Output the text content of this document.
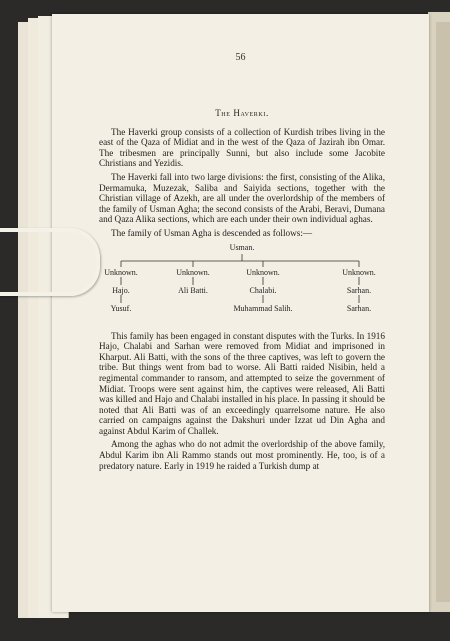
56
The Haverki.

The Haverki group consists of a collection of Kurdish tribes living in the east of the Qaza of Midiat and in the west of the Qaza of Jazirah ibn Omar. The tribesmen are principally Sunni, but also include some Jacobite Christians and Yezidis.

The Haverki fall into two large divisions: the first, consisting of the Alika, Dermamuka, Muzezak, Saliba and Saiyida sections, together with the Christian village of Azekh, are all under the overlordship of the members of the family of Usman Agha; the second consists of the Arabi, Beravi, Dumana and Qaza Alika sections, which are each under their own individual aghas.

The family of Usman Agha is descended as follows:—

Usman.
Unknown.	Unknown.	Unknown.	Unknown.
Hajo.	Ali Batti.	Chalabi.	Sarhan.
Yusuf.	Muhammad Salih.	Sarhan.

This family has been engaged in constant disputes with the Turks. In 1916 Hajo, Chalabi and Sarhan were removed from Midiat and imprisoned in Kharput. Ali Batti, with the sons of the three captives, was left to govern the tribe. But things went from bad to worse. Ali Batti raided Nisibin, held a regimental commander to ransom, and attempted to seize the government of Midiat. Troops were sent against him, the captives were released, Ali Batti was killed and Hajo and Chalabi installed in his place. In passing it should be noted that Ali Batti was of an exceedingly quarrelsome nature. He also carried on campaigns against the Dakshuri under Izzat ud Din Agha and against Abdul Karim of Challek.

Among the aghas who do not admit the overlordship of the above family, Abdul Karim ibn Ali Rammo stands out most prominently. He, too, is of a predatory nature. Early in 1919 he raided a Turkish dump at
